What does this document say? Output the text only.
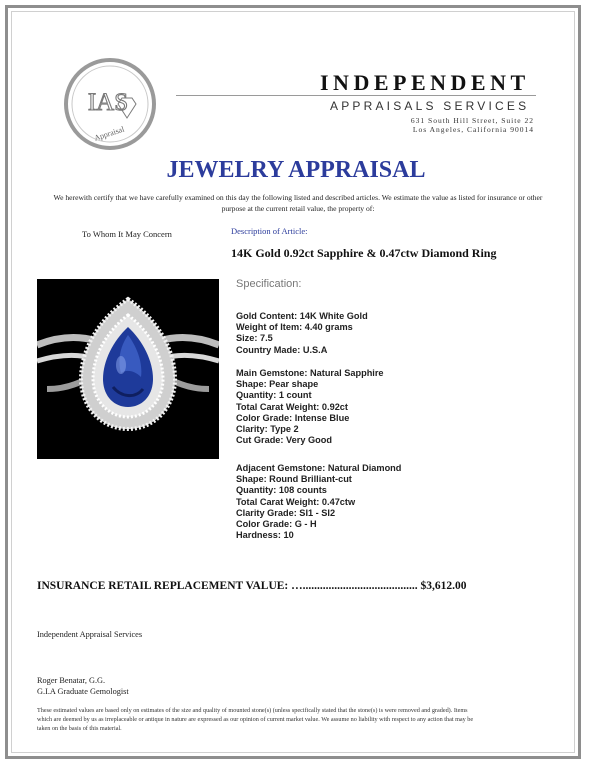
IAS
Appraisal
INDEPENDENT
APPRAISALS SERVICES
631 South Hill Street, Suite 22
Los Angeles, California 90014
JEWELRY APPRAISAL
We herewith certify that we have carefully examined on this day the following listed and described articles. We estimate the value as listed for insurance or other purpose at the current retail value, the property of:
To Whom It May Concern	Description of Article:
14K Gold 0.92ct Sapphire & 0.47ctw Diamond Ring
Specification:
Gold Content: 14K White Gold
Weight of Item: 4.40 grams
Size: 7.5
Country Made: U.S.A
Main Gemstone: Natural Sapphire
Shape: Pear shape
Quantity: 1 count
Total Carat Weight: 0.92ct
Color Grade: Intense Blue
Clarity: Type 2
Cut Grade: Very Good
Adjacent Gemstone: Natural Diamond
Shape: Round Brilliant-cut
Quantity: 108 counts
Total Carat Weight: 0.47ctw
Clarity Grade: SI1 - SI2
Color Grade: G - H
Hardness: 10
INSURANCE RETAIL REPLACEMENT VALUE: …........................................ $3,612.00
Independent Appraisal Services
Roger Benatar, G.G.
G.I.A Graduate Gemologist
These estimated values are based only on estimates of the size and quality of mounted stone(s) (unless specifically stated that the stone(s) is were removed and graded). Items which are deemed by us as irreplaceable or antique in nature are expressed as our opinion of current market value. We assume no liability with respect to any action that may be taken on the basis of this material.
